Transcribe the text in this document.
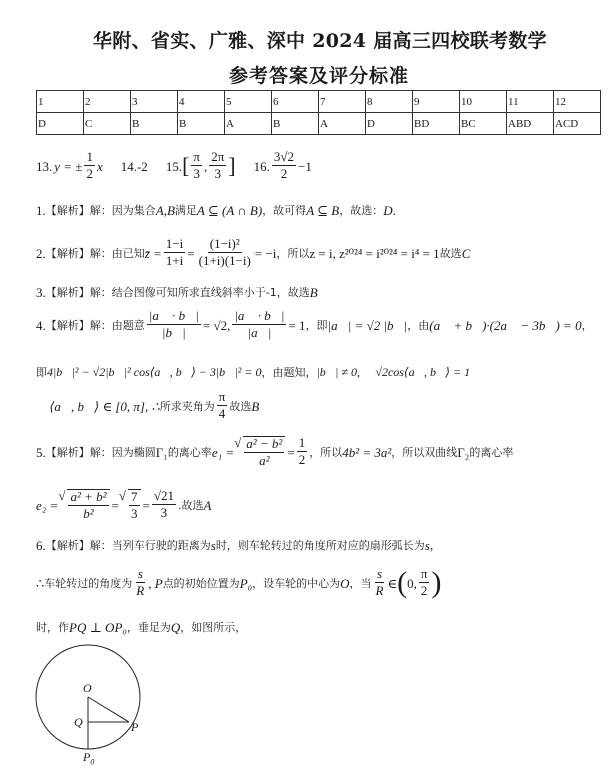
华附、省实、广雅、深中 2024 届高三四校联考数学
参考答案及评分标准
1	2	3	4	5	6	7	8	9	10	11	12
D	C	B	B	A	B	A	D	BD	BC	ABD	ACD
13. y = ± $\frac{1}{2}$ x 14. -2 15. [ $\frac{\pi}{3}$ , $\frac{2\pi}{3}$ ] 16. $\frac{3√2}{2} -1$
1. 【解析】 解：因为集合 A,B 满足 A ⊆ (A ∩ B) ，故可得 A ⊆ B ，故选： D .
2. 【解析】 解：由已知 z̄ = $\frac{1-i}{1+i} = \frac{\text{(1−i)²}}{(1+i)(1-i)} = -i$ ，所以 z = i, z²⁰²⁴ = i²⁰²⁴ = i⁴ = 1 故选 C
3. 【解析】 解：结合图像可知所求直线斜率小于-1，故选 B
4. 【解析】 解：由题意 $\frac{|a⃗ \cdot b⃗|}{|b⃗|} = √2$, $\frac{|a⃗ \cdot b⃗|}{|a⃗|} = 1$ ，即 |a⃗| = √2 |b⃗| ，由 (a⃗ + b⃗)·(2a⃗ − 3b⃗) = 0 ，
即 4|b⃗|² − √2|b⃗|² cos⟨a⃗, b⃗⟩ − 3|b⃗|² = 0 ，由题知， |b⃗| ≠ 0, ∴ √2cos⟨a⃗, b⃗⟩ = 1
∵ ⟨a⃗, b⃗⟩ ∈ [0, π], ∴ 所求夹角为 $\frac{\pi}{4}$ 故选 B
5. 【解析】 解：因为椭圆 Γ₁ 的离心率 e₁ =
√ $\frac{\text{a² − b²}}{\text{a²}} = \frac{1}{2}$ ，所以 4b² = 3a² ，所以双曲线 Γ₂ 的离心率
e₂ =
√ $\frac{\text{a² + b²}}{\text{b²}}$ =
√ $\frac{7}{3} = \frac{√21}{3}$ .故选 A
6. 【解析】 解：当列车行驶的距离为 s 时，则车轮转过的角度所对应的扇形弧长为 s ，
∴ 车轮转过的角度为 $\frac{s}{R}$ , P 点的初始位置为 P₀ ，设车轮的中心为 O ，当 $\frac{s}{R}$ ∈ ( 0, $\frac{\pi}{2}$ )
时，作 PQ ⊥ OP₀ ，垂足为 Q ，如图所示，
O
Q	P
$P_0$
